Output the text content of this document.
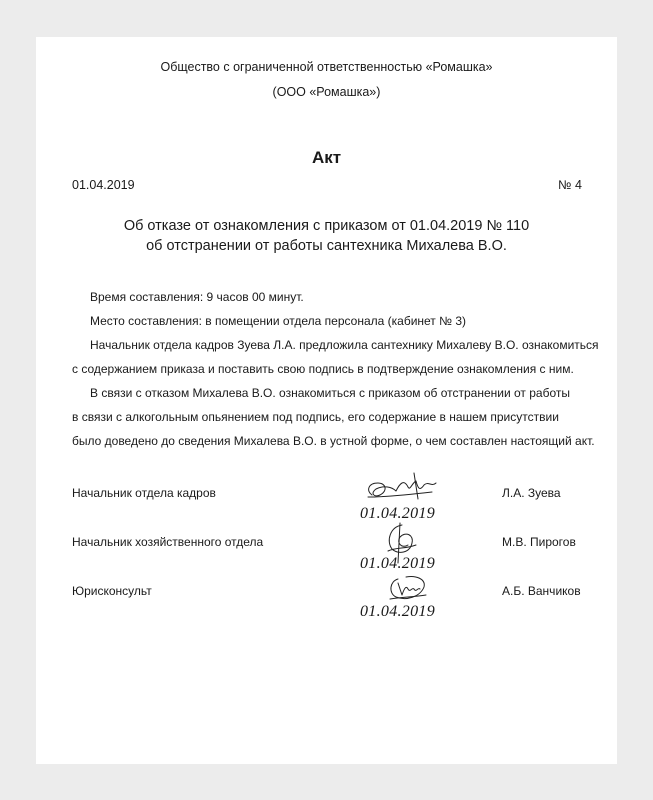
Общество с ограниченной ответственностью «Ромашка»
(ООО «Ромашка»)
Акт
01.04.2019	№ 4
Об отказе от ознакомления с приказом от 01.04.2019 № 110
об отстранении от работы сантехника Михалева В.О.
Время составления: 9 часов 00 минут.
Место составления: в помещении отдела персонала (кабинет № 3)
Начальник отдела кадров Зуева Л.А. предложила сантехнику Михалеву В.О. ознакомиться
с содержанием приказа и поставить свою подпись в подтверждение ознакомления с ним.
В связи с отказом Михалева В.О. ознакомиться с приказом об отстранении от работы
в связи с алкогольным опьянением под подпись, его содержание в нашем присутствии
было доведено до сведения Михалева В.О. в устной форме, о чем составлен настоящий акт.
Начальник отдела кадров
01.04.2019
Л.А. Зуева
Начальник хозяйственного отдела
01.04.2019
М.В. Пирогов
Юрисконсульт
01.04.2019
А.Б. Ванчиков
